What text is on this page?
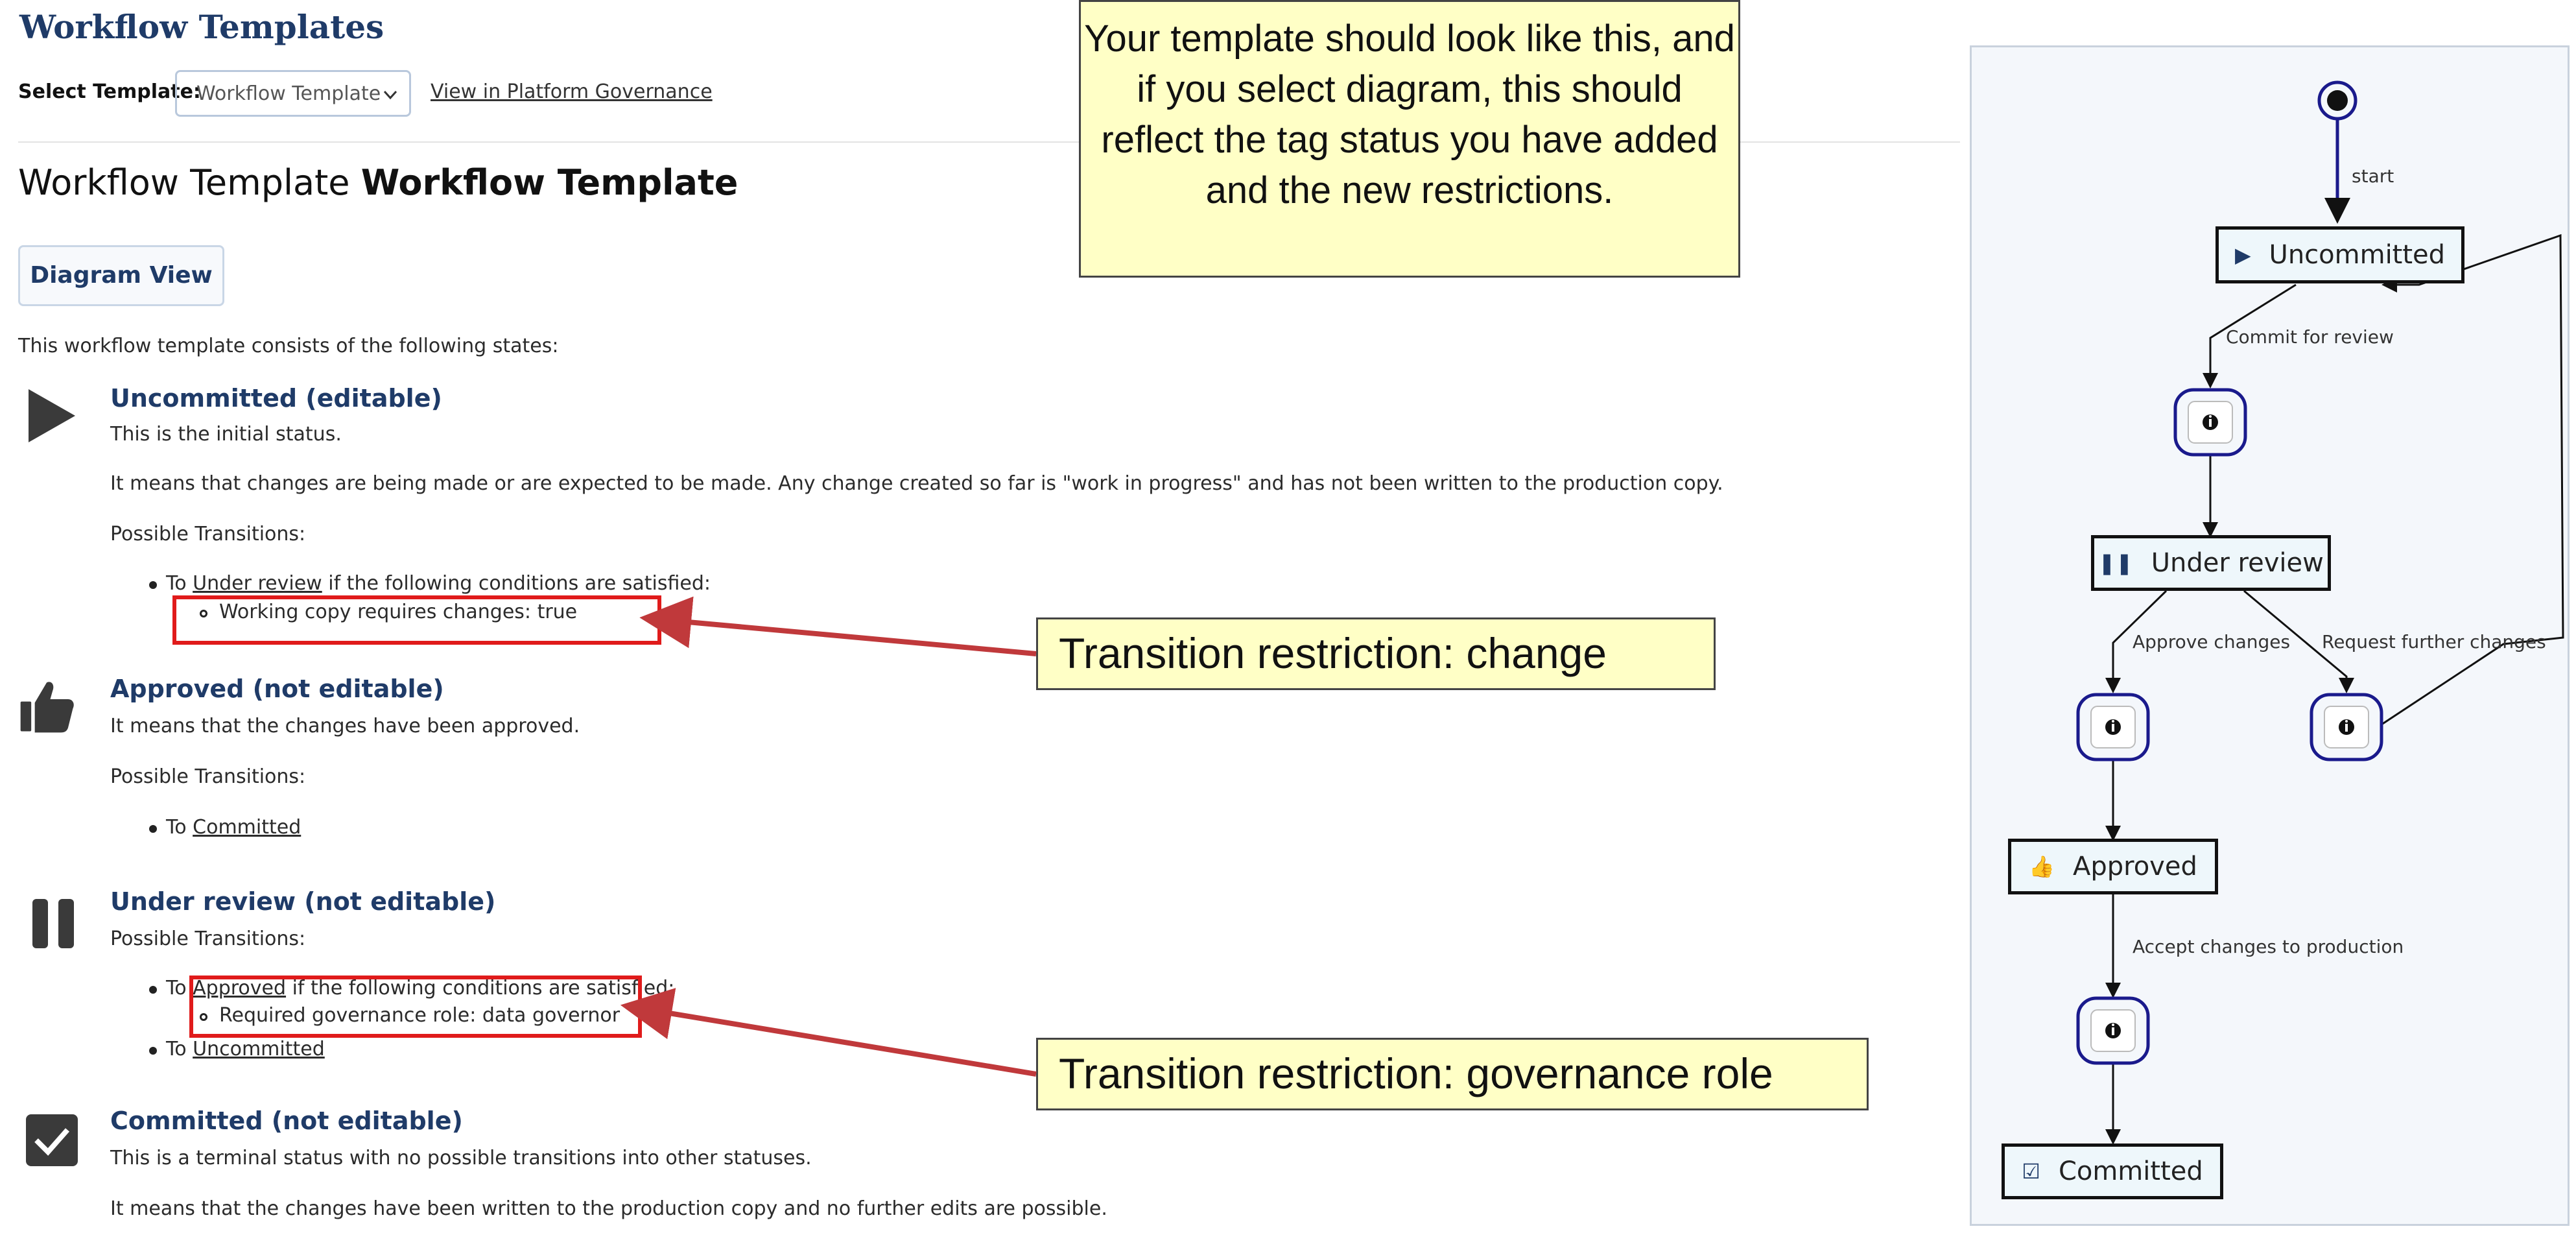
Workflow Templates
Select Template:
Workflow Template	View in Platform Governance
Workflow Template Workflow Template
Diagram View
This workflow template consists of the following states:
Uncommitted (editable)
This is the initial status.
It means that changes are being made or are expected to be made. Any change created so far is "work in progress" and has not been written to the production copy.
Possible Transitions:
To Under review if the following conditions are satisfied:
Working copy requires changes: true
Approved (not editable)
It means that the changes have been approved.
Possible Transitions:
To Committed
Under review (not editable)
Possible Transitions:
To Approved if the following conditions are satisfied:
Required governance role: data governor
To Uncommitted
Committed (not editable)
This is a terminal status with no possible transitions into other statuses.
It means that the changes have been written to the production copy and no further edits are possible.
Your template should look like this, and if you select diagram, this should reflect the tag status you have added and the new restrictions.
Transition restriction: change
Transition restriction: governance role
▶ Uncommitted
❚❚ Under review
👍 Approved
☑ Committed
start
Commit for review
Approve changes Request further changes
Accept changes to production
